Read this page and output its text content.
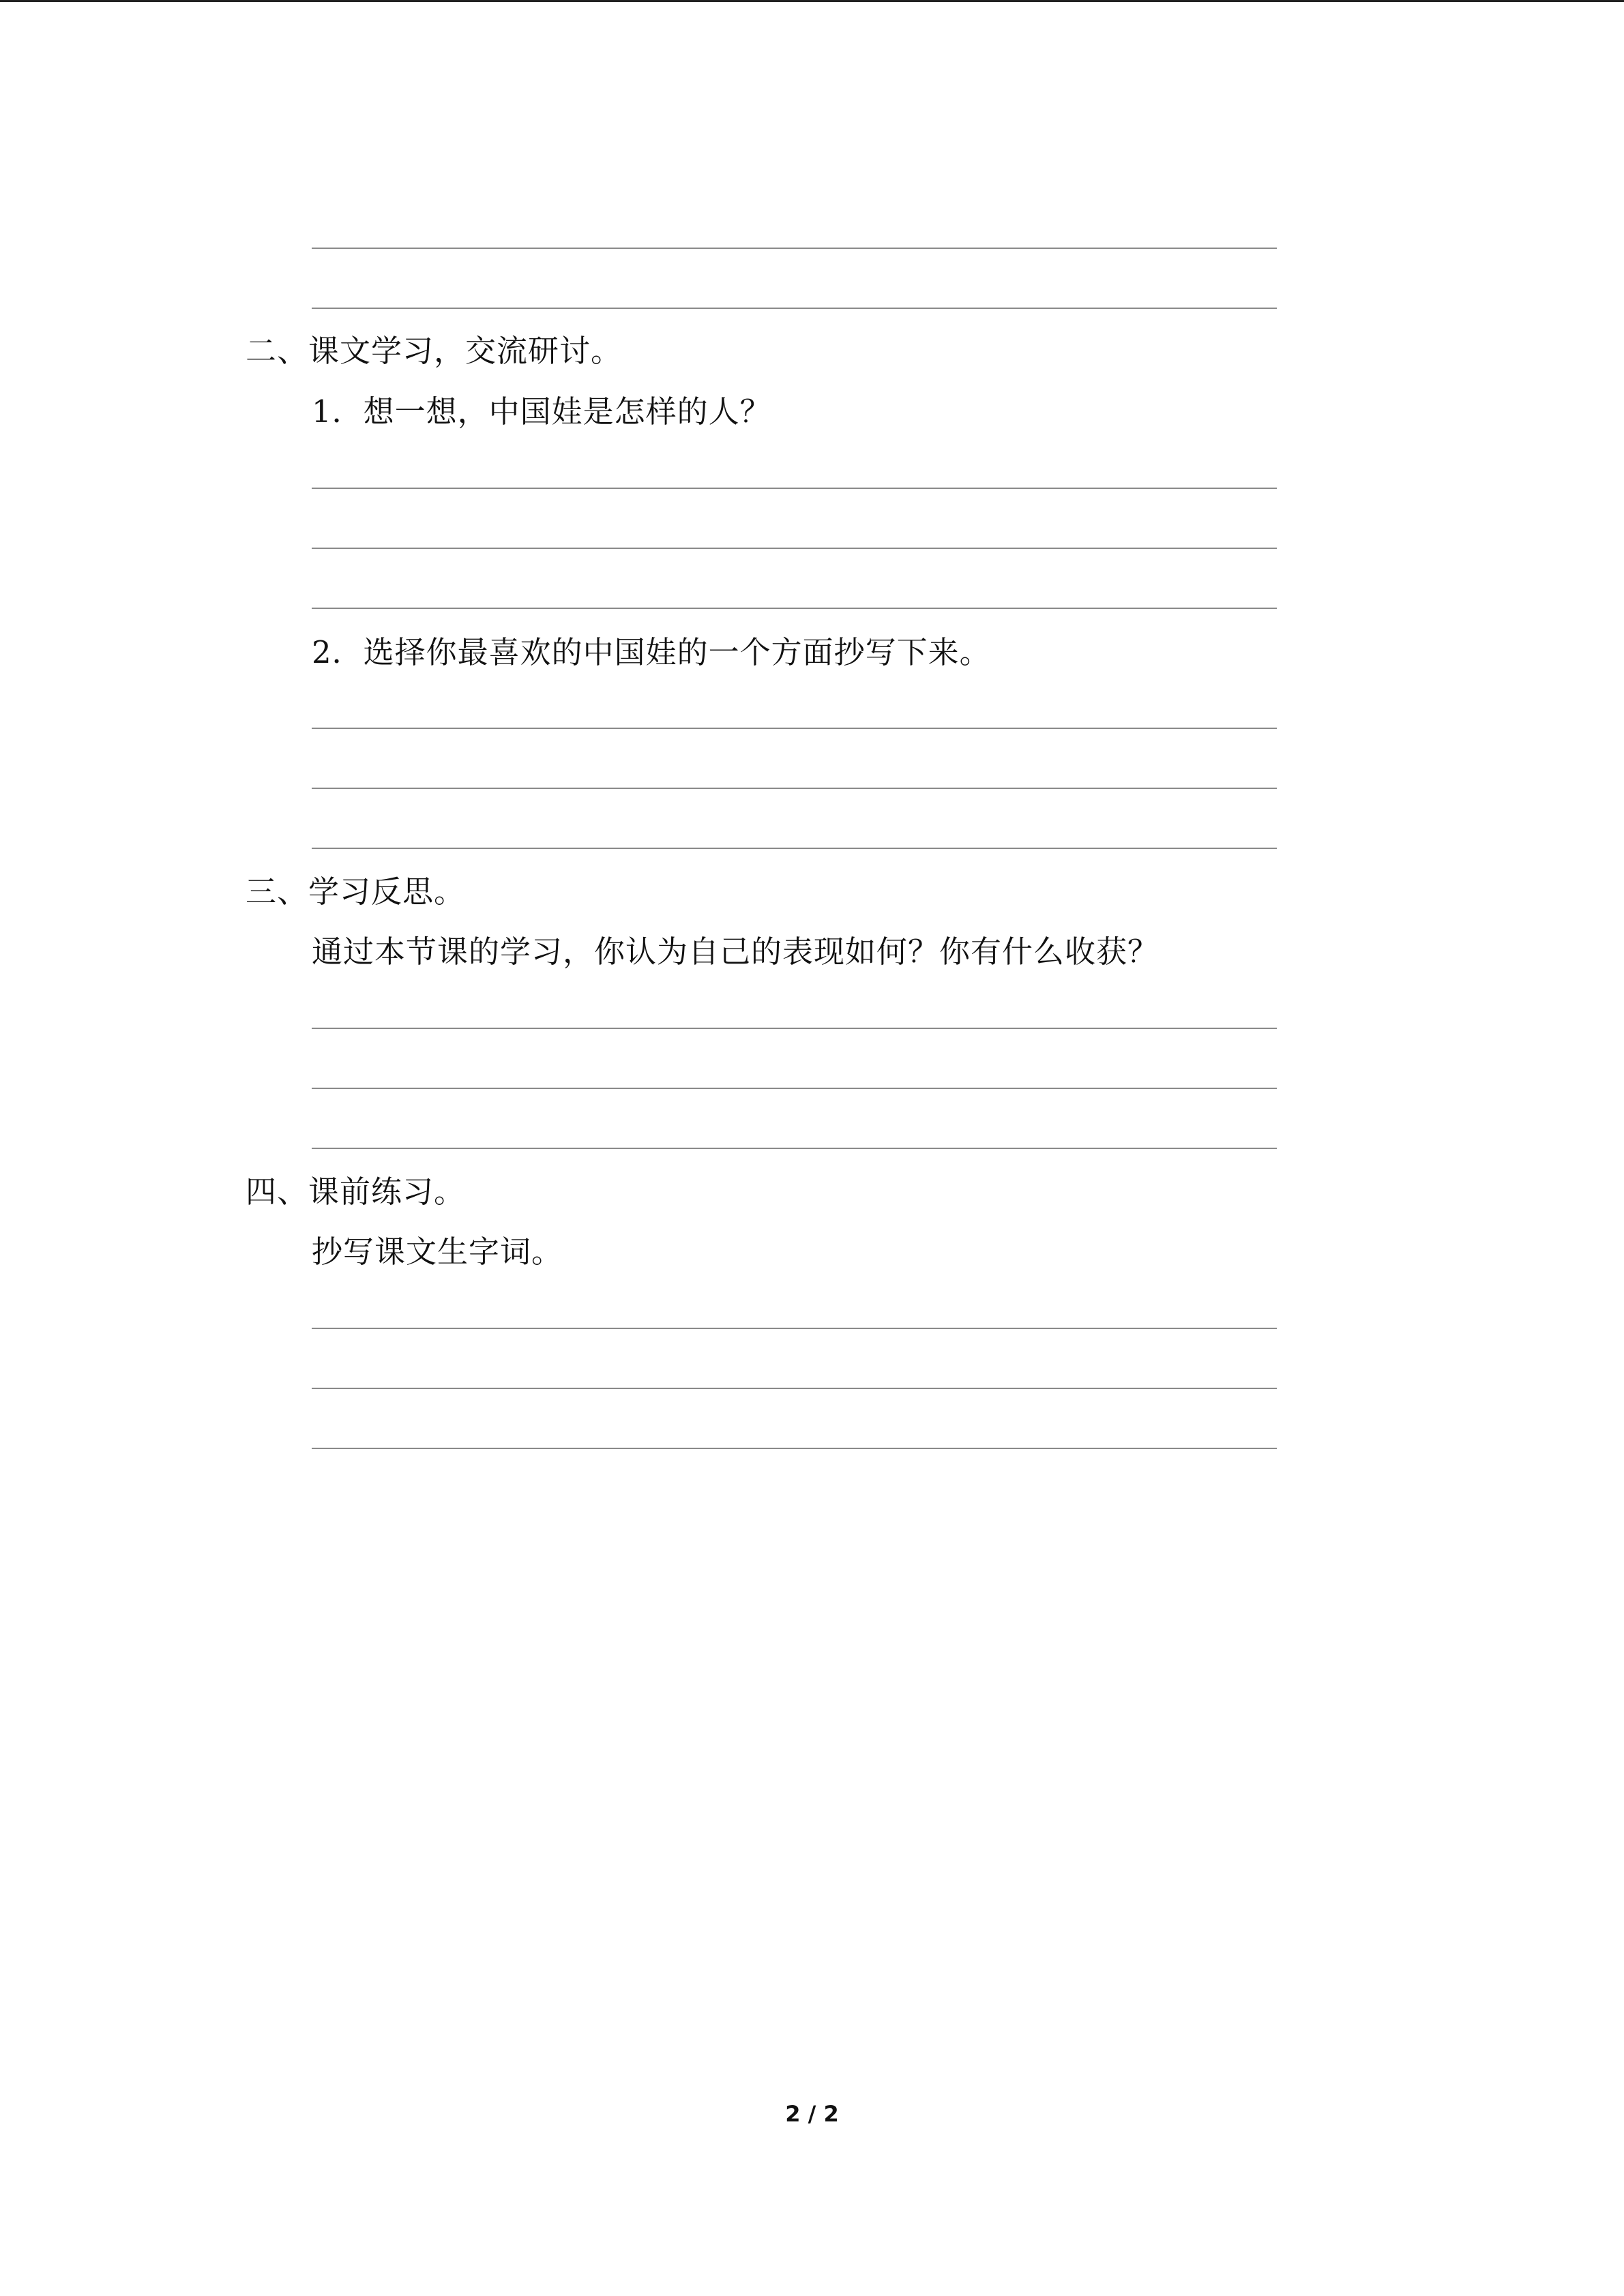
二、课文学习，交流研讨。
1．想一想，中国娃是怎样的人？
2．选择你最喜欢的中国娃的一个方面抄写下来。
三、学习反思。
通过本节课的学习，你认为自己的表现如何？你有什么收获？
四、课前练习。
抄写课文生字词。
2 / 2
